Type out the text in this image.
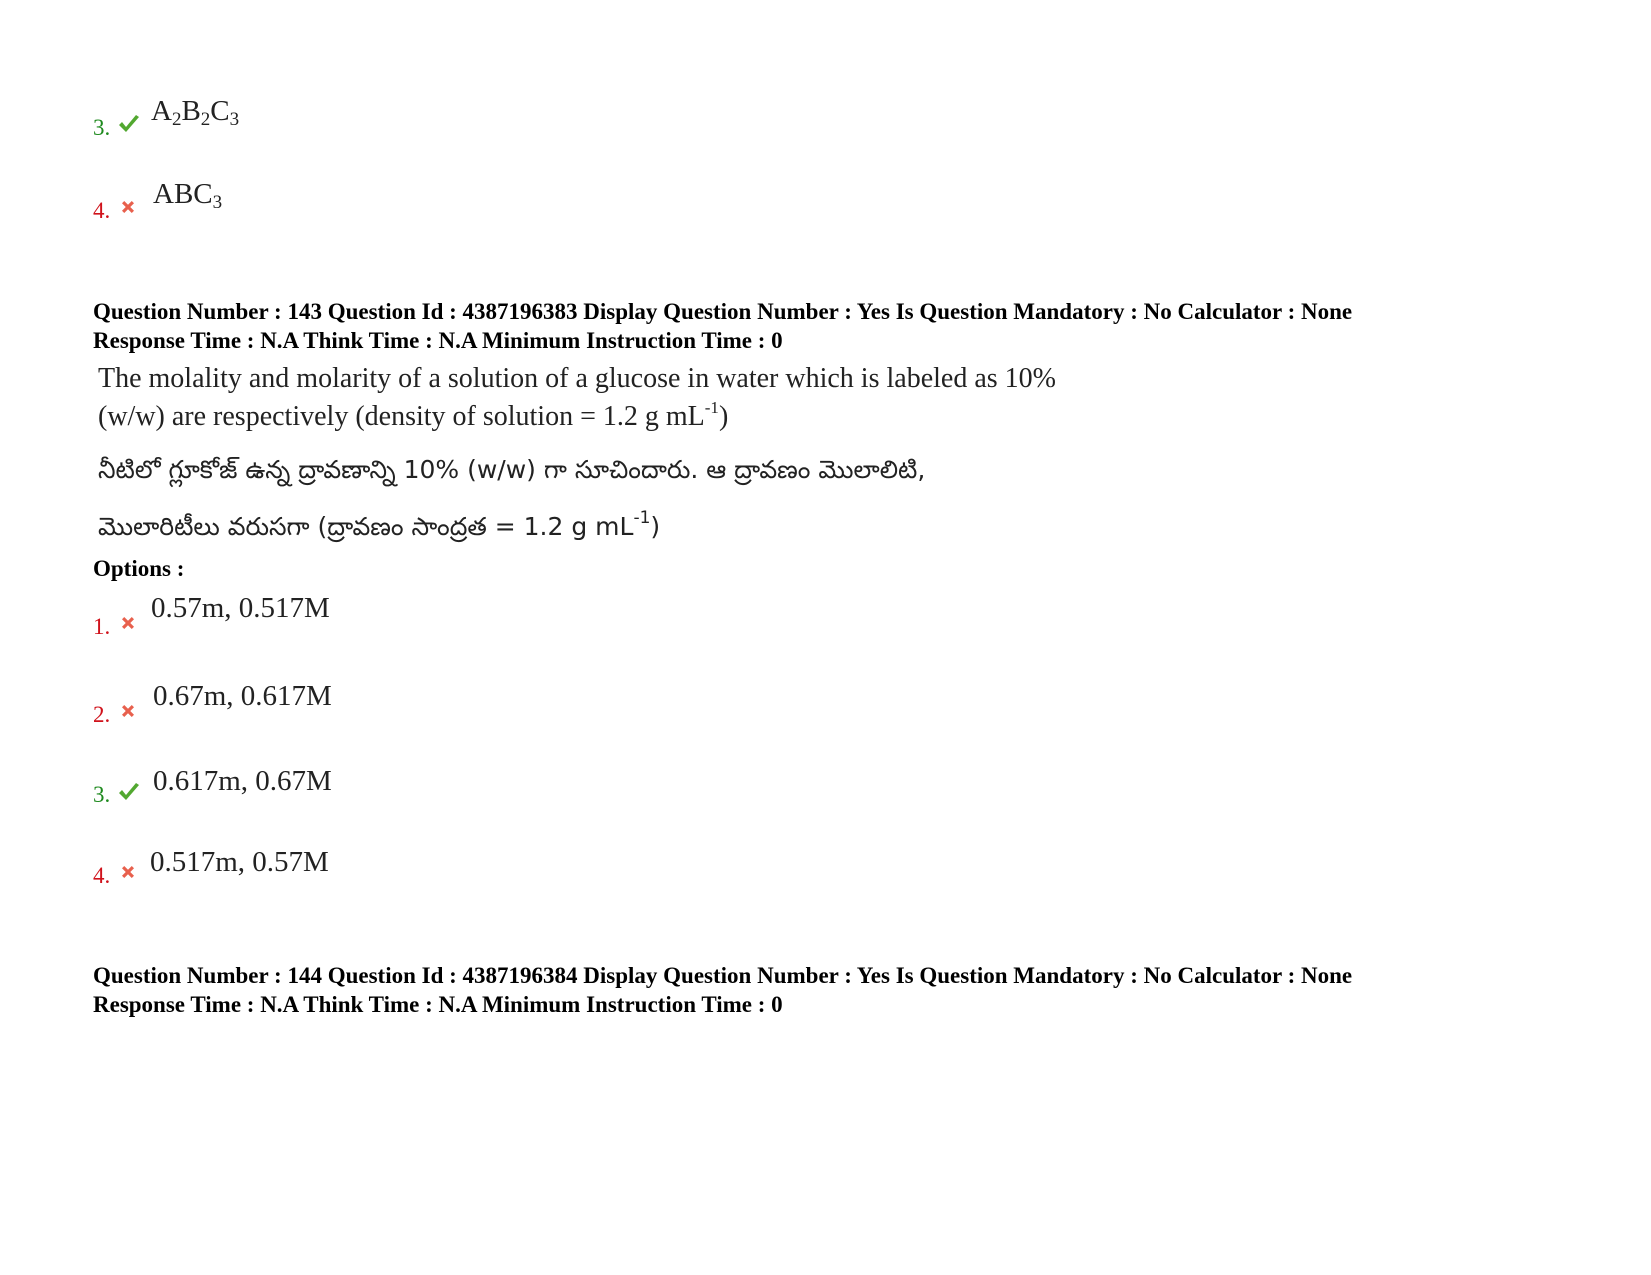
3.
$A_2B_2C_3$
4.
$ABC_3$
Question Number : 143 Question Id : 4387196383 Display Question Number : Yes Is Question Mandatory : No Calculator : None
Response Time : N.A Think Time : N.A Minimum Instruction Time : 0
The molality and molarity of a solution of a glucose in water which is labeled as 10%
(w/w) are respectively (density of solution = 1.2 g $mL^{-1}$)
నీటిలో గ్లూకోజ్ ఉన్న ద్రావణాన్ని 10% (w/w) గా సూచిందారు. ఆ ద్రావణం మొలాలిటి,
మొలారిటీలు వరుసగా (ద్రావణం సాంద్రత = 1.2 g $mL^{-1}$)
Options :
1.
0.57m, 0.517M
2.
0.67m, 0.617M
3. 0.617m, 0.67M
4. 0.517m, 0.57M
Question Number : 144 Question Id : 4387196384 Display Question Number : Yes Is Question Mandatory : No Calculator : None
Response Time : N.A Think Time : N.A Minimum Instruction Time : 0
